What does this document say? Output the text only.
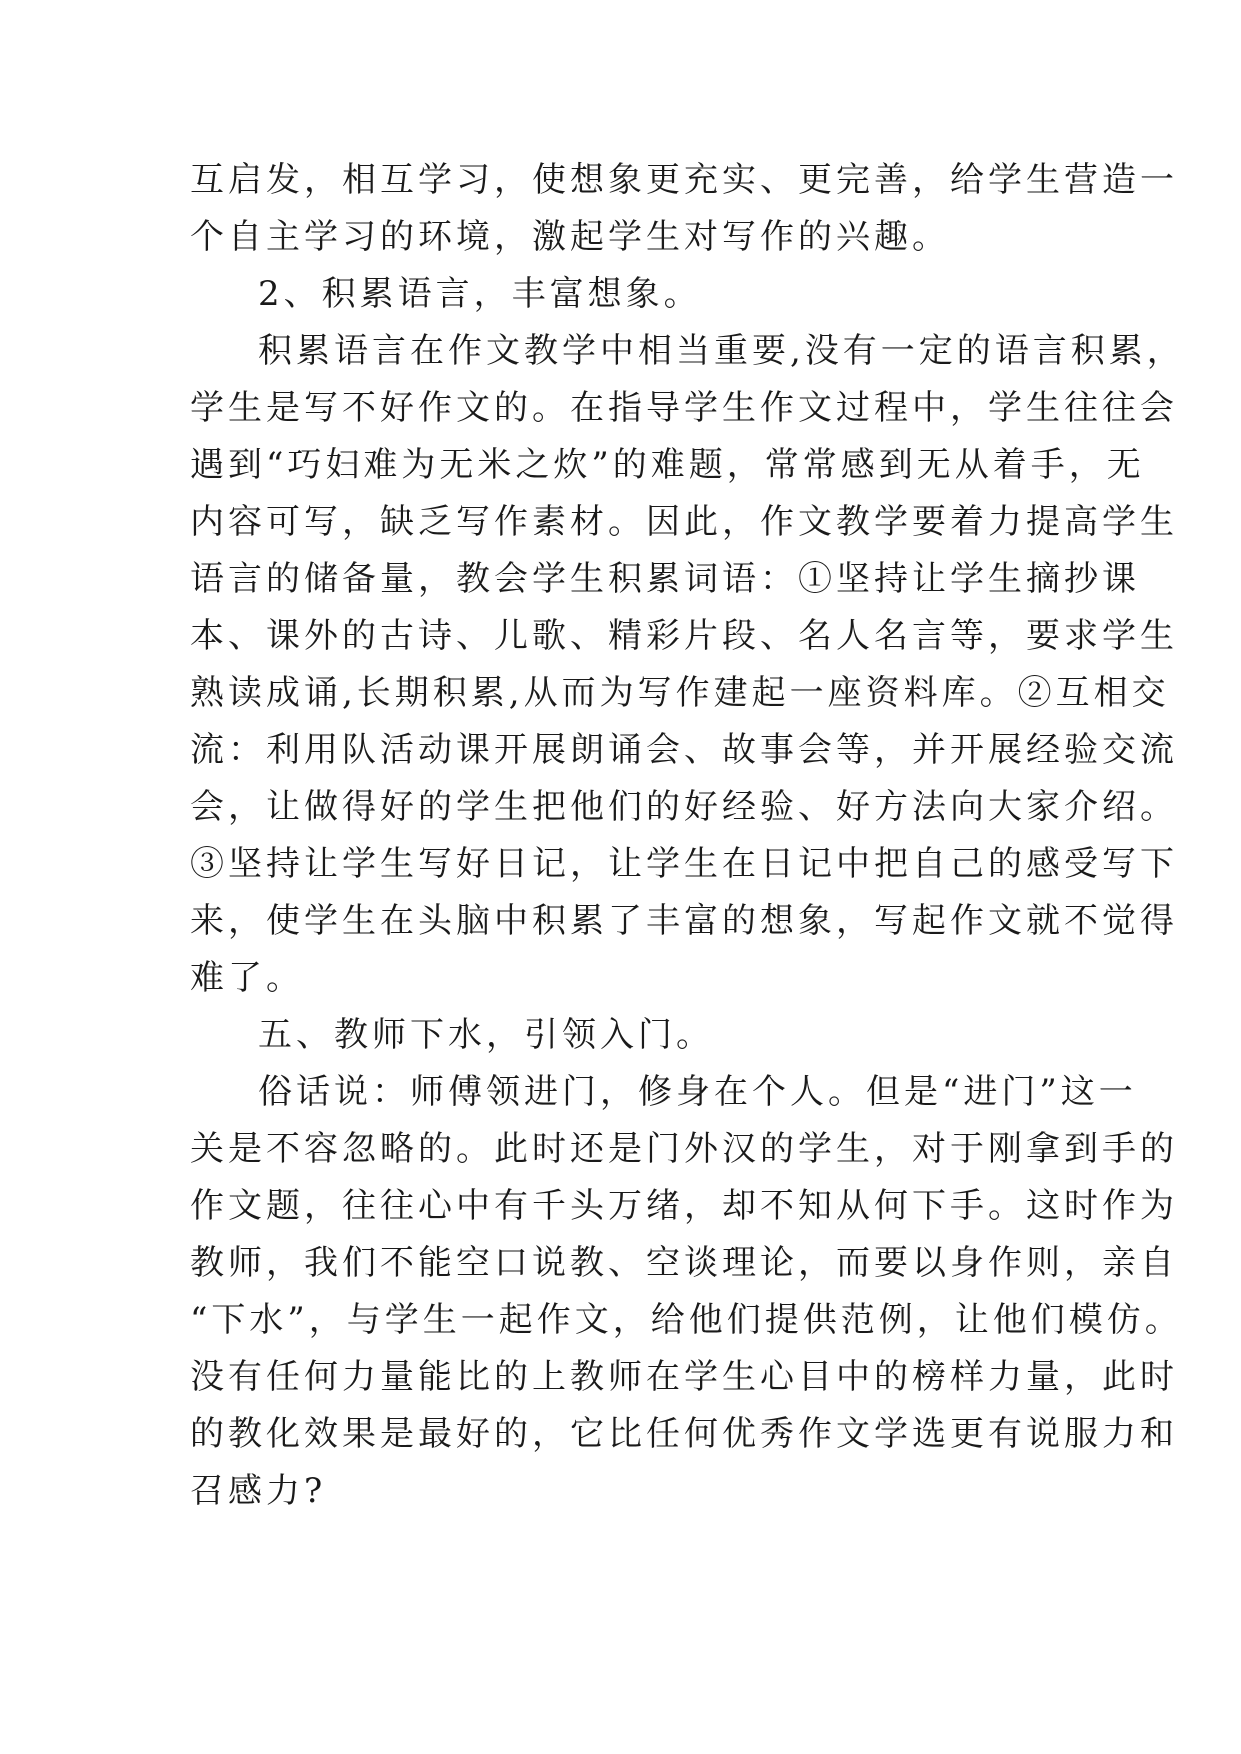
互启发，相互学习，使想象更充实、更完善，给学生营造一
个自主学习的环境，激起学生对写作的兴趣。
2、积累语言，丰富想象。
积累语言在作文教学中相当重要,没有一定的语言积累，
学生是写不好作文的。在指导学生作文过程中，学生往往会
遇到“巧妇难为无米之炊”的难题，常常感到无从着手，无
内容可写，缺乏写作素材。因此，作文教学要着力提高学生
语言的储备量，教会学生积累词语：①坚持让学生摘抄课
本、课外的古诗、儿歌、精彩片段、名人名言等，要求学生
熟读成诵,长期积累,从而为写作建起一座资料库。②互相交
流：利用队活动课开展朗诵会、故事会等，并开展经验交流
会，让做得好的学生把他们的好经验、好方法向大家介绍。
③坚持让学生写好日记，让学生在日记中把自己的感受写下
来，使学生在头脑中积累了丰富的想象，写起作文就不觉得
难了。
五、教师下水，引领入门。
俗话说：师傅领进门，修身在个人。但是“进门”这一
关是不容忽略的。此时还是门外汉的学生，对于刚拿到手的
作文题，往往心中有千头万绪，却不知从何下手。这时作为
教师，我们不能空口说教、空谈理论，而要以身作则，亲自
“下水”，与学生一起作文，给他们提供范例，让他们模仿。
没有任何力量能比的上教师在学生心目中的榜样力量，此时
的教化效果是最好的，它比任何优秀作文学选更有说服力和
召感力?
